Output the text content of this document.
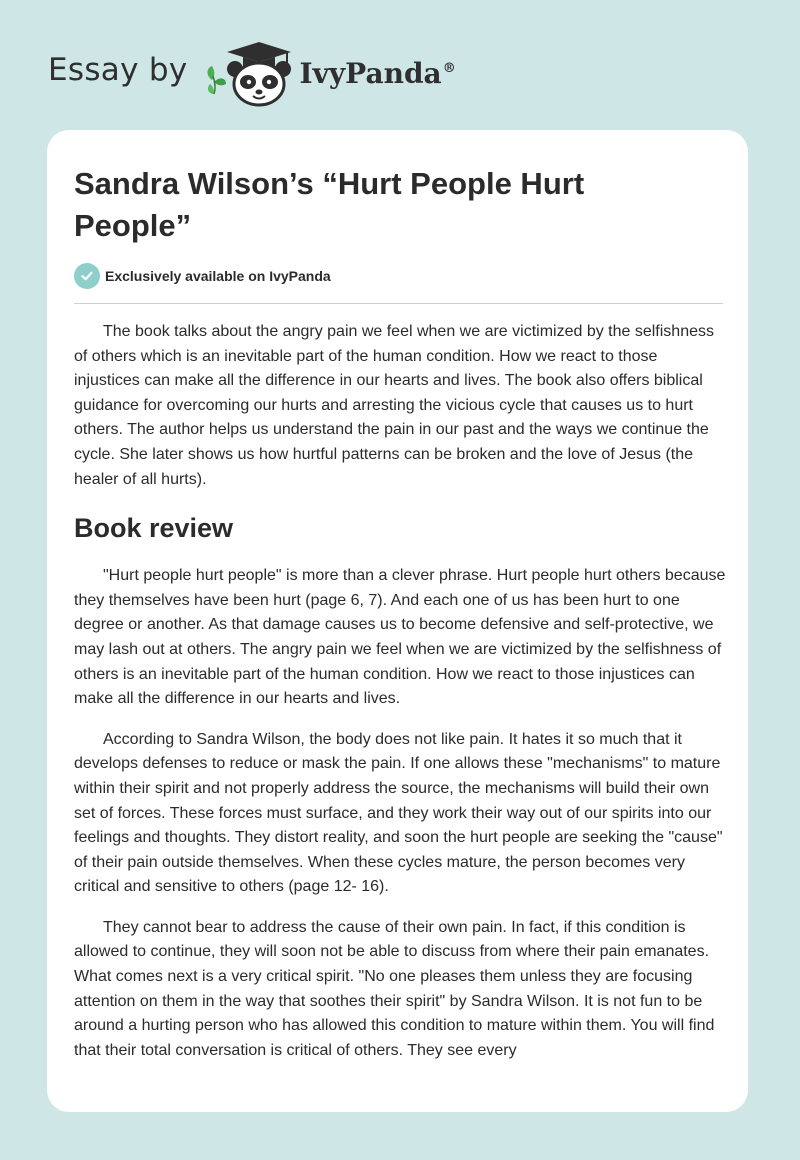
Essay by	IvyPanda®
Sandra Wilson’s “Hurt People Hurt People”
Exclusively available on IvyPanda

The book talks about the angry pain we feel when we are victimized by the selfishness of others which is an inevitable part of the human condition. How we react to those injustices can make all the difference in our hearts and lives. The book also offers biblical guidance for overcoming our hurts and arresting the vicious cycle that causes us to hurt others. The author helps us understand the pain in our past and the ways we continue the cycle. She later shows us how hurtful patterns can be broken and the love of Jesus (the healer of all hurts).

Book review

"Hurt people hurt people" is more than a clever phrase. Hurt people hurt others because they themselves have been hurt (page 6, 7). And each one of us has been hurt to one degree or another. As that damage causes us to become defensive and self-protective, we may lash out at others. The angry pain we feel when we are victimized by the selfishness of others is an inevitable part of the human condition. How we react to those injustices can make all the difference in our hearts and lives.

According to Sandra Wilson, the body does not like pain. It hates it so much that it develops defenses to reduce or mask the pain. If one allows these "mechanisms" to mature within their spirit and not properly address the source, the mechanisms will build their own set of forces. These forces must surface, and they work their way out of our spirits into our feelings and thoughts. They distort reality, and soon the hurt people are seeking the "cause" of their pain outside themselves. When these cycles mature, the person becomes very critical and sensitive to others (page 12- 16).

They cannot bear to address the cause of their own pain. In fact, if this condition is allowed to continue, they will soon not be able to discuss from where their pain emanates. What comes next is a very critical spirit. "No one pleases them unless they are focusing attention on them in the way that soothes their spirit" by Sandra Wilson. It is not fun to be around a hurting person who has allowed this condition to mature within them. You will find that their total conversation is critical of others. They see every
